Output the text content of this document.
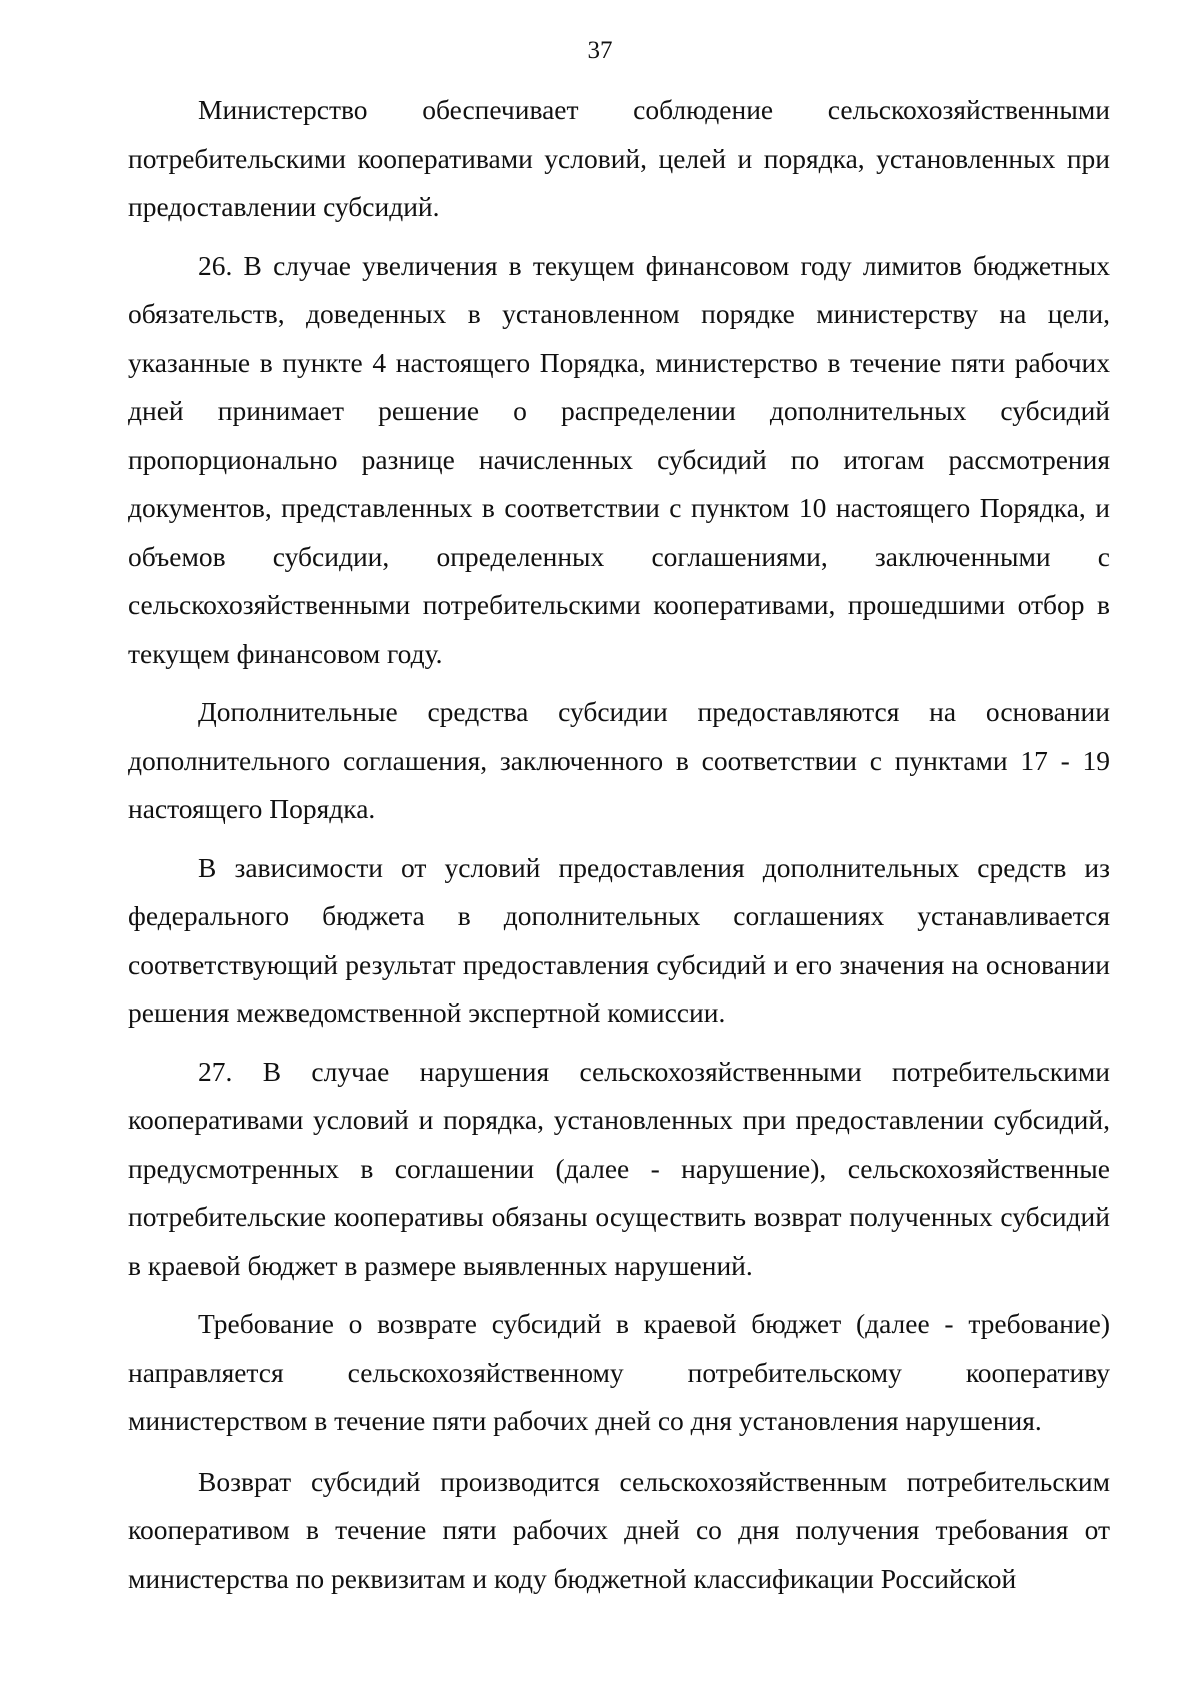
37

Министерство обеспечивает соблюдение сельскохозяйственными потребительскими кооперативами условий, целей и порядка, установленных при предоставлении субсидий.

26. В случае увеличения в текущем финансовом году лимитов бюджетных обязательств, доведенных в установленном порядке министерству на цели, указанные в пункте 4 настоящего Порядка, министерство в течение пяти рабочих дней принимает решение о распределении дополнительных субсидий пропорционально разнице начисленных субсидий по итогам рассмотрения документов, представленных в соответствии с пунктом 10 настоящего Порядка, и объемов субсидии, определенных соглашениями, заключенными с сельскохозяйственными потребительскими кооперативами, прошедшими отбор в текущем финансовом году.

Дополнительные средства субсидии предоставляются на основании дополнительного соглашения, заключенного в соответствии с пунктами 17 - 19 настоящего Порядка.

В зависимости от условий предоставления дополнительных средств из федерального бюджета в дополнительных соглашениях устанавливается соответствующий результат предоставления субсидий и его значения на основании решения межведомственной экспертной комиссии.

27. В случае нарушения сельскохозяйственными потребительскими кооперативами условий и порядка, установленных при предоставлении субсидий, предусмотренных в соглашении (далее - нарушение), сельскохозяйственные потребительские кооперативы обязаны осуществить возврат полученных субсидий в краевой бюджет в размере выявленных нарушений.

Требование о возврате субсидий в краевой бюджет (далее - требование) направляется сельскохозяйственному потребительскому кооперативу министерством в течение пяти рабочих дней со дня установления нарушения.

Возврат субсидий производится сельскохозяйственным потребительским кооперативом в течение пяти рабочих дней со дня получения требования от министерства по реквизитам и коду бюджетной классификации Российской
